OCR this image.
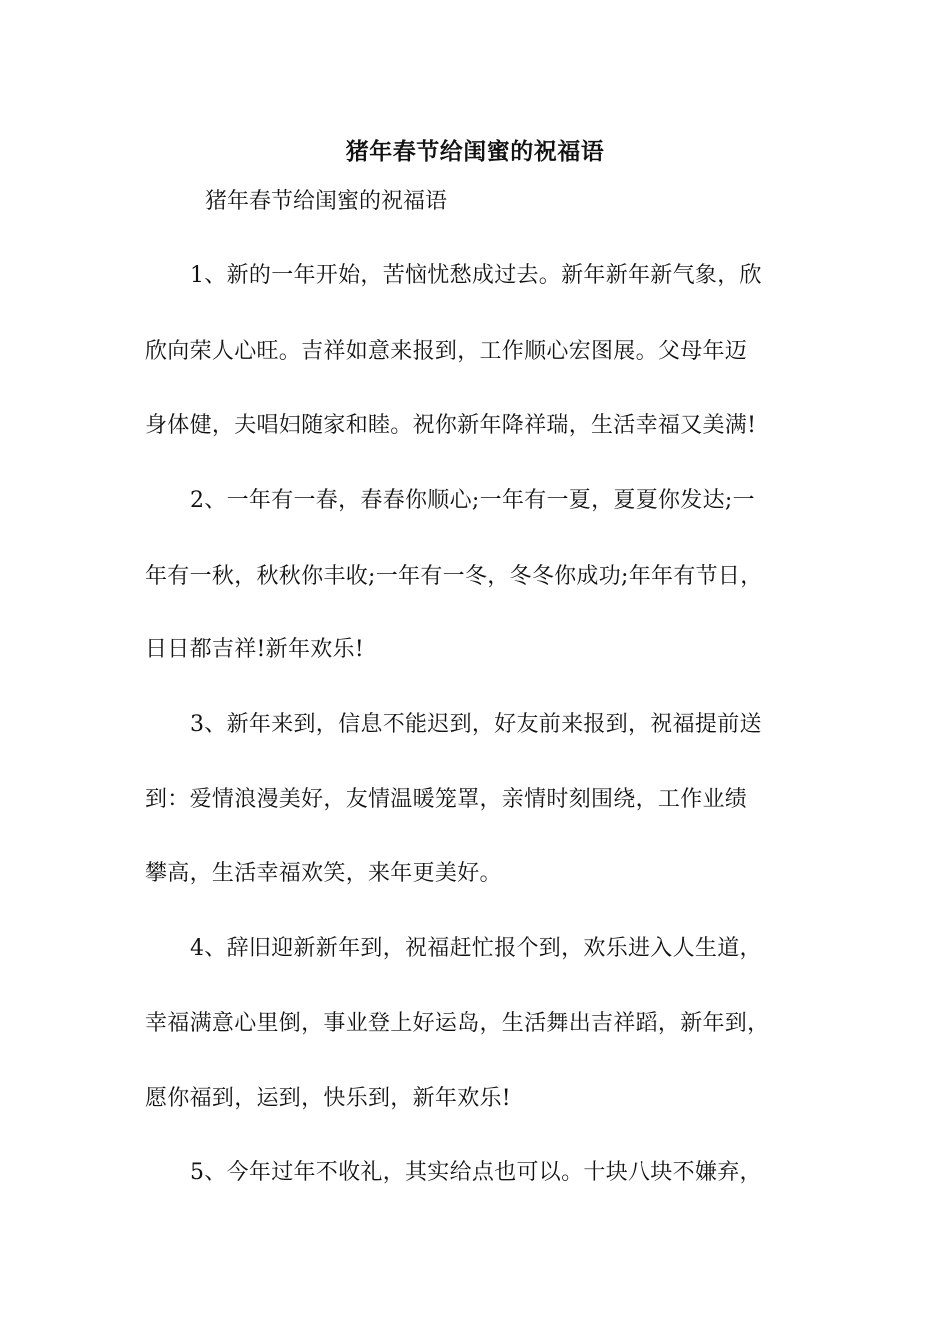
猪年春节给闺蜜的祝福语
猪年春节给闺蜜的祝福语
1、新的一年开始，苦恼忧愁成过去。新年新年新气象，欣
欣向荣人心旺。吉祥如意来报到，工作顺心宏图展。父母年迈
身体健，夫唱妇随家和睦。祝你新年降祥瑞，生活幸福又美满!
2、一年有一春，春春你顺心;一年有一夏，夏夏你发达;一
年有一秋，秋秋你丰收;一年有一冬，冬冬你成功;年年有节日，
日日都吉祥!新年欢乐!
3、新年来到，信息不能迟到，好友前来报到，祝福提前送
到：爱情浪漫美好，友情温暖笼罩，亲情时刻围绕，工作业绩
攀高，生活幸福欢笑，来年更美好。
4、辞旧迎新新年到，祝福赶忙报个到，欢乐进入人生道，
幸福满意心里倒，事业登上好运岛，生活舞出吉祥蹈，新年到，
愿你福到，运到，快乐到，新年欢乐!
5、今年过年不收礼，其实给点也可以。十块八块不嫌弃，
